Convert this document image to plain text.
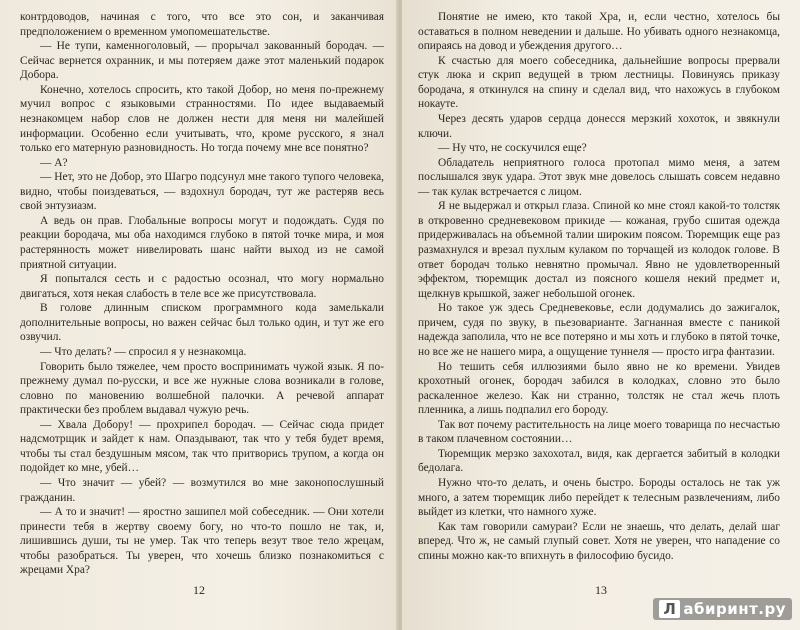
контрдоводов, начиная с того, что все это сон, и заканчивая предположением о временном умопомешательстве.

— Не тупи, каменноголовый, — прорычал закованный бородач. — Сейчас вернется охранник, и мы потеряем даже этот маленький подарок Добора.

Конечно, хотелось спросить, кто такой Добор, но меня по-прежнему мучил вопрос с языковыми странностями. По идее выдаваемый незнакомцем набор слов не должен нести для меня ни малейшей информации. Особенно если учитывать, что, кроме русского, я знал только его матерную разновидность. Но тогда почему мне все понятно?

— А?

— Нет, это не Добор, это Шагро подсунул мне такого тупого человека, видно, чтобы поиздеваться, — вздохнул бородач, тут же растеряв весь свой энтузиазм.

А ведь он прав. Глобальные вопросы могут и подождать. Судя по реакции бородача, мы оба находимся глубоко в пятой точке мира, и моя растерянность может нивелировать шанс найти выход из не самой приятной ситуации.

Я попытался сесть и с радостью осознал, что могу нормально двигаться, хотя некая слабость в теле все же присутствовала.

В голове длинным списком программного кода замелькали дополнительные вопросы, но важен сейчас был только один, и тут же его озвучил.

— Что делать? — спросил я у незнакомца.

Говорить было тяжелее, чем просто воспринимать чужой язык. Я по-прежнему думал по-русски, и все же нужные слова возникали в голове, словно по мановению волшебной палочки. А речевой аппарат практически без проблем выдавал чужую речь.

— Хвала Добору! — прохрипел бородач. — Сейчас сюда придет надсмотрщик и зайдет к нам. Опаздывают, так что у тебя будет время, чтобы ты стал бездушным мясом, так что притворись трупом, а когда он подойдет ко мне, убей…

— Что значит — убей? — возмутился во мне законопослушный гражданин.

— А то и значит! — яростно зашипел мой собеседник. — Они хотели принести тебя в жертву своему богу, но что-то пошло не так, и, лишившись души, ты не умер. Так что теперь везут твое тело жрецам, чтобы разобраться. Ты уверен, что хочешь близко познакомиться с жрецами Хра?

12

Понятие не имею, кто такой Хра, и, если честно, хотелось бы оставаться в полном неведении и дальше. Но убивать одного незнакомца, опираясь на довод и убеждения другого…

К счастью для моего собеседника, дальнейшие вопросы прервали стук люка и скрип ведущей в трюм лестницы. Повинуясь приказу бородача, я откинулся на спину и сделал вид, что нахожусь в глубоком нокауте.

Через десять ударов сердца донесся мерзкий хохоток, и звякнули ключи.

— Ну что, не соскучился еще?

Обладатель неприятного голоса протопал мимо меня, а затем послышался звук удара. Этот звук мне довелось слышать совсем недавно — так кулак встречается с лицом.

Я не выдержал и открыл глаза. Спиной ко мне стоял какой-то толстяк в откровенно средневековом прикиде — кожаная, грубо сшитая одежда придерживалась на объемной талии широким поясом. Тюремщик еще раз размахнулся и врезал пухлым кулаком по торчащей из колодок голове. В ответ бородач только невнятно промычал. Явно не удовлетворенный эффектом, тюремщик достал из поясного кошеля некий предмет и, щелкнув крышкой, зажег небольшой огонек.

Но такое уж здесь Средневековье, если додумались до зажигалок, причем, судя по звуку, в пьезоварианте. Загнанная вместе с паникой надежда заполила, что не все потеряно и мы хоть и глубоко в пятой точке, но все же не нашего мира, а ощущение туннеля — просто игра фантазии.

Но тешить себя иллюзиями было явно не ко времени. Увидев крохотный огонек, бородач забился в колодках, словно это было раскаленное железо. Как ни странно, толстяк не стал жечь плоть пленника, а лишь подпалил его бороду.

Так вот почему растительность на лице моего товарища по несчастью в таком плачевном состоянии…

Тюремщик мерзко захохотал, видя, как дергается забитый в колодки бедолага.

Нужно что-то делать, и очень быстро. Бороды осталось не так уж много, а затем тюремщик либо перейдет к телесным развлечениям, либо выйдет из клетки, что намного хуже.

Как там говорили самураи? Если не знаешь, что делать, делай шаг вперед. Что ж, не самый глупый совет. Хотя не уверен, что нападение со спины можно как-то впихнуть в философию бусидо.

13
Л абиринт.ру
